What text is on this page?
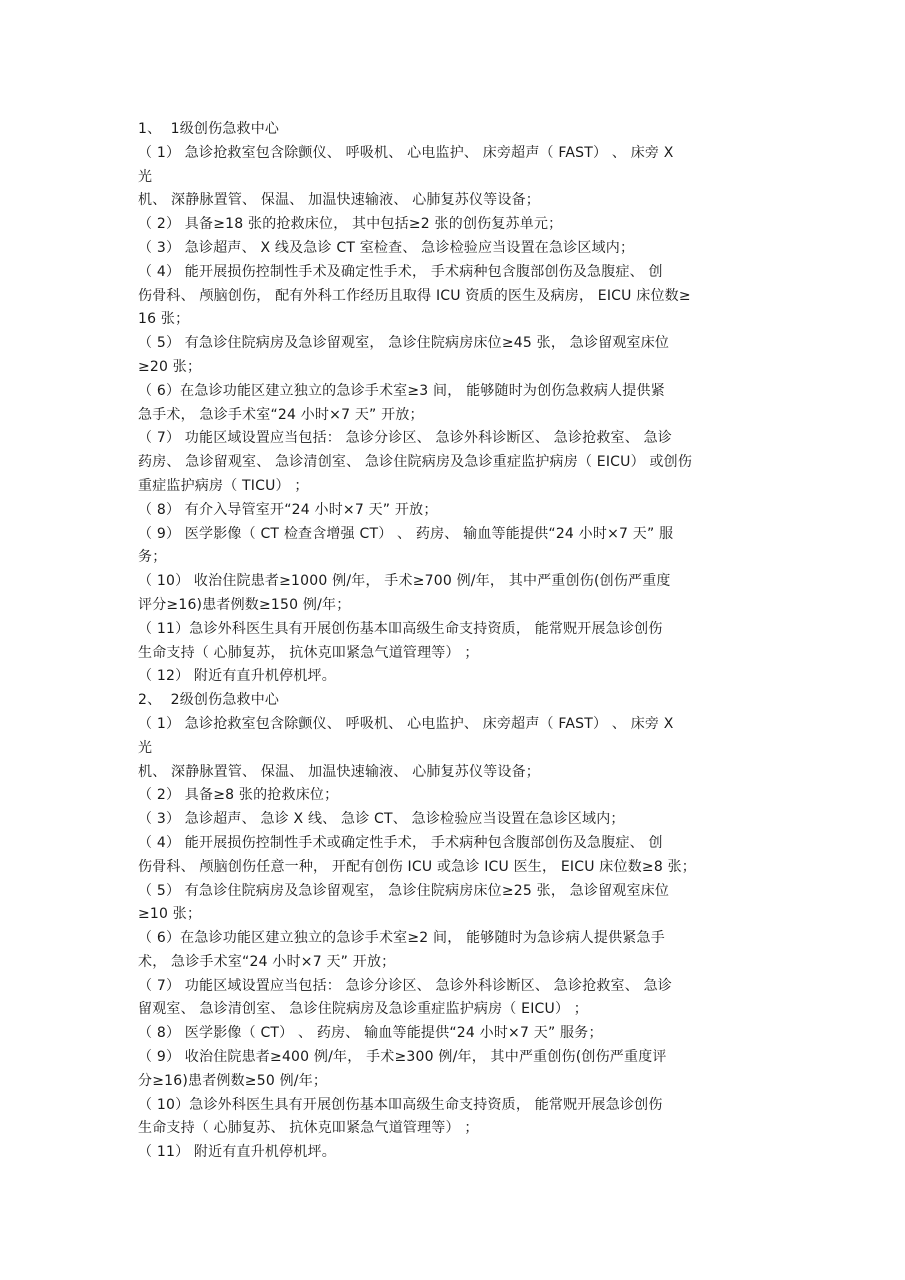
1、  1级创伤急救中心
（ 1） 急诊抢救室包含除颤仪、 呼吸机、 心电监护、 床旁超声（ FAST） 、 床旁 X
光
机、 深静脉置管、 保温、 加温快速输液、 心肺复苏仪等设备；
（ 2） 具备≥18 张的抢救床位， 其中包括≥2 张的创伤复苏单元；
（ 3） 急诊超声、 X 线及急诊 CT 室检查、 急诊检验应当设置在急诊区域内；
（ 4） 能开展损伤控制性手术及确定性手术， 手术病种包含腹部创伤及急腹症、 创
伤骨科、 颅脑创伤， 配有外科工作经历且取得 ICU 资质的医生及病房， EICU 床位数≥
16 张；
（ 5） 有急诊住院病房及急诊留观室， 急诊住院病房床位≥45 张， 急诊留观室床位
≥20 张；
（ 6）在急诊功能区建立独立的急诊手术室≥3 间， 能够随时为创伤急救病人提供紧
急手术， 急诊手术室“24 小时×7 天” 开放；
（ 7） 功能区域设置应当包括： 急诊分诊区、 急诊外科诊断区、 急诊抢救室、 急诊
药房、 急诊留观室、 急诊清创室、 急诊住院病房及急诊重症监护病房（ EICU） 或创伤
重症监护病房（ TICU） ；
（ 8） 有介入导管室开“24 小时×7 天” 开放；
（ 9） 医学影像（ CT 检查含增强 CT） 、 药房、 输血等能提供“24 小时×7 天” 服
务；
（ 10） 收治住院患者≥1000 例/年， 手术≥700 例/年， 其中严重创伤(创伤严重度
评分≥16)患者例数≥150 例/年；
（ 11）急诊外科医生具有开展创伤基本吅高级生命支持资质， 能常贶开展急诊创伤
生命支持（ 心肺复苏， 抗休克吅紧急气道管理等） ；
（ 12） 附近有直升机停机坪。
2、  2级创伤急救中心
（ 1） 急诊抢救室包含除颤仪、 呼吸机、 心电监护、 床旁超声（ FAST） 、 床旁 X
光
机、 深静脉置管、 保温、 加温快速输液、 心肺复苏仪等设备；
（ 2） 具备≥8 张的抢救床位；
（ 3） 急诊超声、 急诊 X 线、 急诊 CT、 急诊检验应当设置在急诊区域内；
（ 4） 能开展损伤控制性手术或确定性手术， 手术病种包含腹部创伤及急腹症、 创
伤骨科、 颅脑创伤任意一种， 开配有创伤 ICU 或急诊 ICU 医生， EICU 床位数≥8 张；
（ 5） 有急诊住院病房及急诊留观室， 急诊住院病房床位≥25 张， 急诊留观室床位
≥10 张；
（ 6）在急诊功能区建立独立的急诊手术室≥2 间， 能够随时为急诊病人提供紧急手
术， 急诊手术室“24 小时×7 天” 开放；
（ 7） 功能区域设置应当包括： 急诊分诊区、 急诊外科诊断区、 急诊抢救室、 急诊
留观室、 急诊清创室、 急诊住院病房及急诊重症监护病房（ EICU） ；
（ 8） 医学影像（ CT） 、 药房、 输血等能提供“24 小时×7 天” 服务；
（ 9） 收治住院患者≥400 例/年， 手术≥300 例/年， 其中严重创伤(创伤严重度评
分≥16)患者例数≥50 例/年；
（ 10）急诊外科医生具有开展创伤基本吅高级生命支持资质， 能常贶开展急诊创伤
生命支持（ 心肺复苏、 抗休克吅紧急气道管理等） ；
（ 11） 附近有直升机停机坪。
